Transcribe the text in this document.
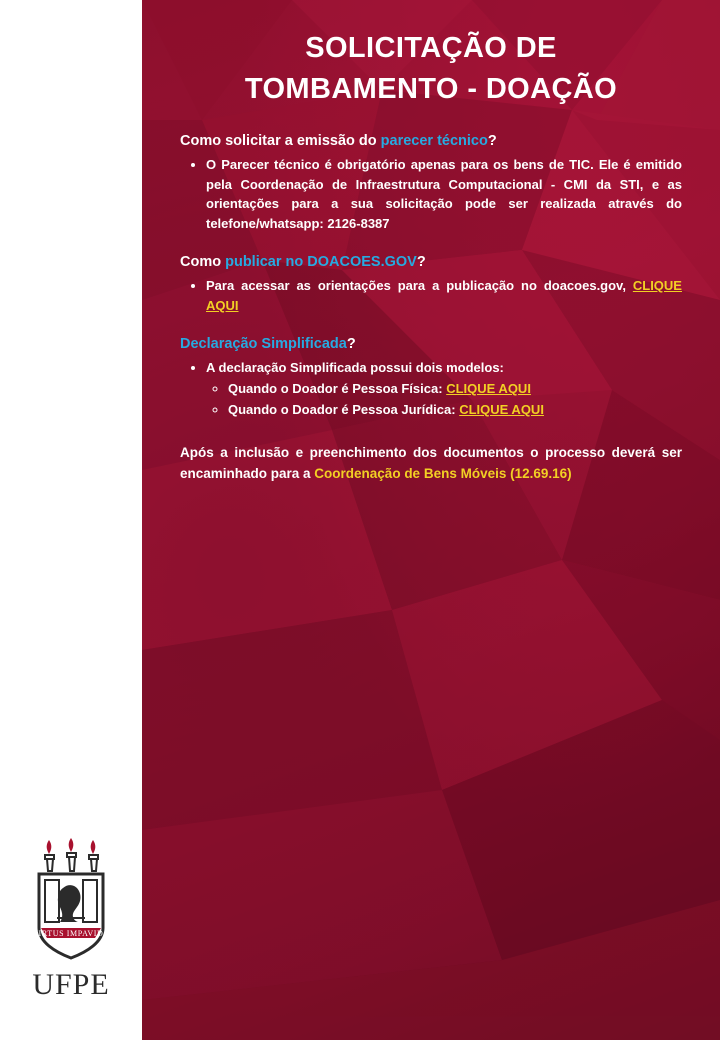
VIRTUS IMPAVIDA
UFPE
SOLICITAÇÃO DE
TOMBAMENTO - DOAÇÃO

Como solicitar a emissão do parecer técnico?

• O Parecer técnico é obrigatório apenas para os bens de TIC. Ele é emitido pela Coordenação de Infraestrutura Computacional - CMI da STI, e as orientações para a sua solicitação pode ser realizada através do telefone/whatsapp: 2126-8387

Como publicar no DOACOES.GOV?

• Para acessar as orientações para a publicação no doacoes.gov, CLIQUE AQUI

Declaração Simplificada?

• A declaração Simplificada possui dois modelos:
◦ Quando o Doador é Pessoa Física: CLIQUE AQUI
◦ Quando o Doador é Pessoa Jurídica: CLIQUE AQUI

Após a inclusão e preenchimento dos documentos o processo deverá ser encaminhado para a Coordenação de Bens Móveis (12.69.16)
